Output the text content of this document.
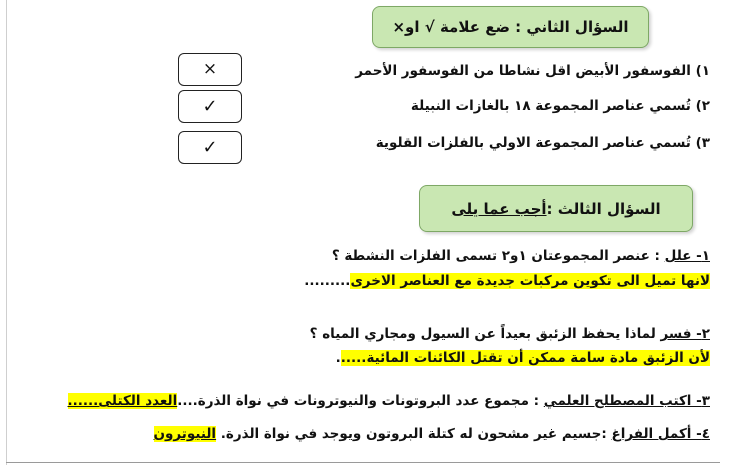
السؤال الثاني : ضع علامة √ او×
×
✓
✓
١) الفوسفور الأبيض اقل نشاطا من الفوسفور الأحمر
٢) تُسمي عناصر المجموعة ١٨ بالغازات النبيلة
٣) تُسمي عناصر المجموعة الاولي بالفلزات القلوية
السؤال الثالث :
أجب عما يلى
١- علل : عنصر المجموعتان ١و٢ تسمى الفلزات النشطة ؟
لانها تميل الى تكوين مركبات جديدة مع العناصر الاخرى.........
٢- فسر لماذا يحفظ الزئبق بعيداً عن السيول ومجاري المياه ؟
لأن الزئبق مادة سامة ممكن أن تقتل الكائنات المائية......
٣- اكتب المصطلح العلمي : مجموع عدد البروتونات والنيوترونات في نواة الذرة....العدد الكتلى......
٤- أكمل الفراغ :جسيم غير مشحون له كتلة البروتون ويوجد في نواة الذرة. النيوترون
